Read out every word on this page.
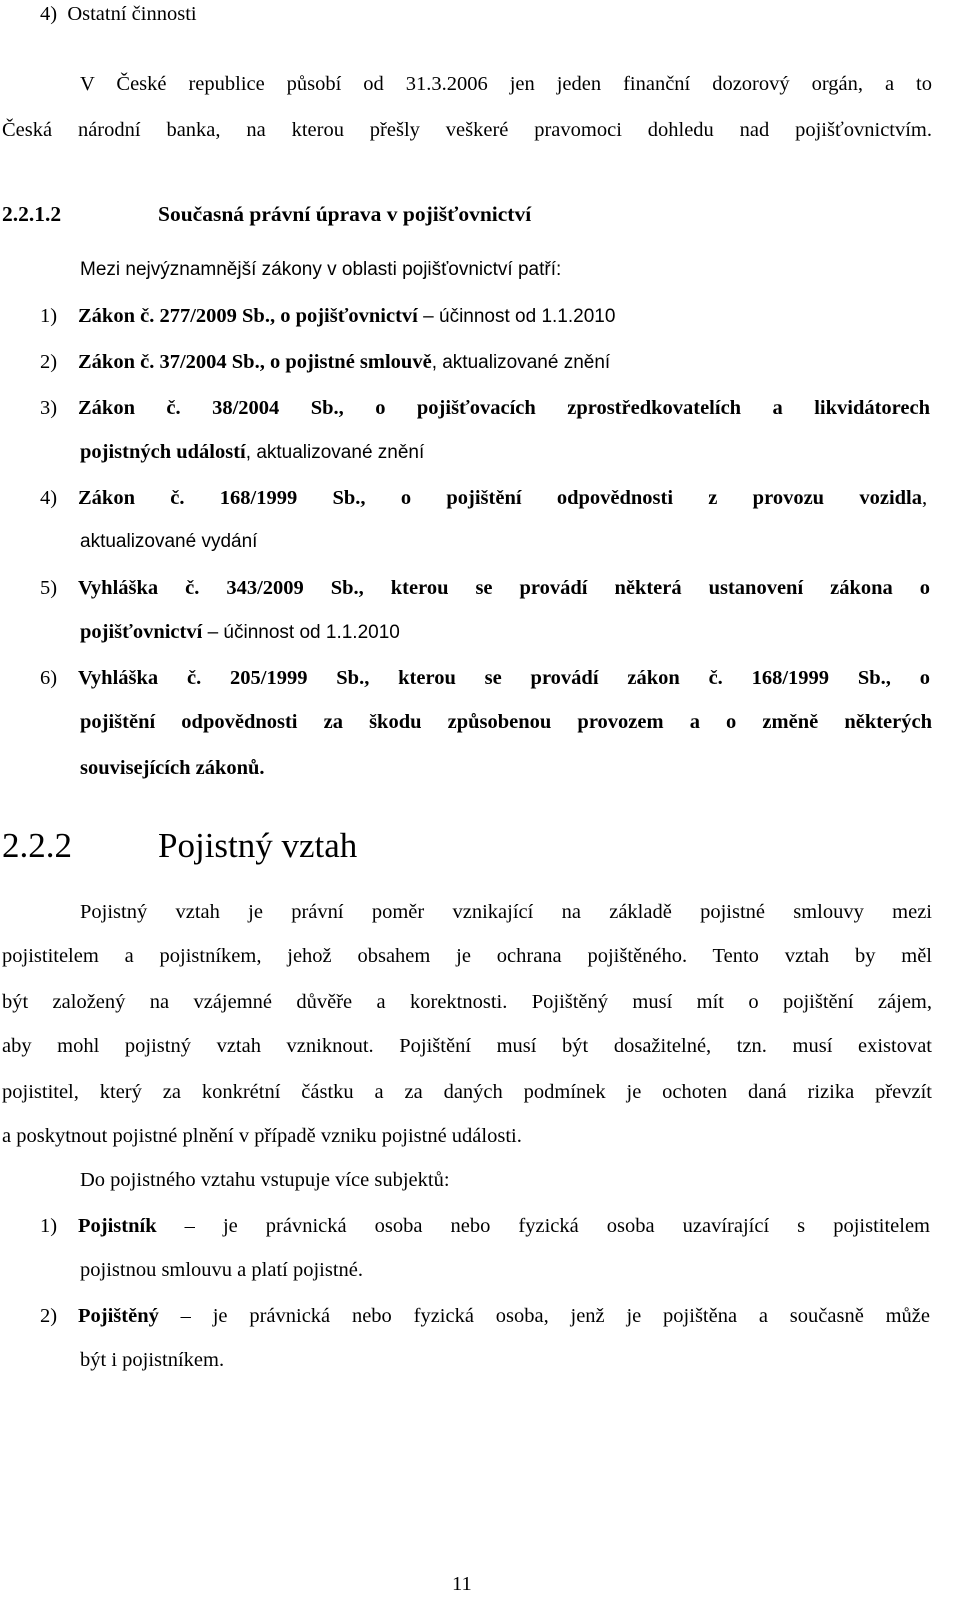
4)  Ostatní činnosti
V České republice působí od 31.3.2006 jen jeden finanční dozorový orgán, a to
Česká národní banka, na kterou přešly veškeré pravomoci dohledu nad pojišťovnictvím.
2.2.1.2	Současná právní úprava v pojišťovnictví
Mezi nejvýznamnější zákony v oblasti pojišťovnictví patří:
1) Zákon č. 277/2009 Sb., o pojišťovnictví – účinnost od 1.1.2010
2) Zákon č. 37/2004 Sb., o pojistné smlouvě, aktualizované znění
3) Zákon č. 38/2004 Sb., o pojišťovacích zprostředkovatelích a likvidátorech
pojistných událostí, aktualizované znění
4) Zákon č. 168/1999 Sb., o pojištění odpovědnosti z provozu vozidla,
aktualizované vydání
5) Vyhláška č. 343/2009 Sb., kterou se provádí některá ustanovení zákona o
pojišťovnictví – účinnost od 1.1.2010
6) Vyhláška č. 205/1999 Sb., kterou se provádí zákon č. 168/1999 Sb., o
pojištění odpovědnosti za škodu způsobenou provozem a o změně některých
souvisejících zákonů.
2.2.2 Pojistný vztah
Pojistný vztah je právní poměr vznikající na základě pojistné smlouvy mezi
pojistitelem a pojistníkem, jehož obsahem je ochrana pojištěného. Tento vztah by měl
být založený na vzájemné důvěře a korektnosti. Pojištěný musí mít o pojištění zájem,
aby mohl pojistný vztah vzniknout. Pojištění musí být dosažitelné, tzn. musí existovat
pojistitel, který za konkrétní částku a za daných podmínek je ochoten daná rizika převzít
a poskytnout pojistné plnění v případě vzniku pojistné události.
Do pojistného vztahu vstupuje více subjektů:
1) Pojistník – je právnická osoba nebo fyzická osoba uzavírající s pojistitelem
pojistnou smlouvu a platí pojistné.
2) Pojištěný – je právnická nebo fyzická osoba, jenž je pojištěna a současně může
být i pojistníkem.
11
